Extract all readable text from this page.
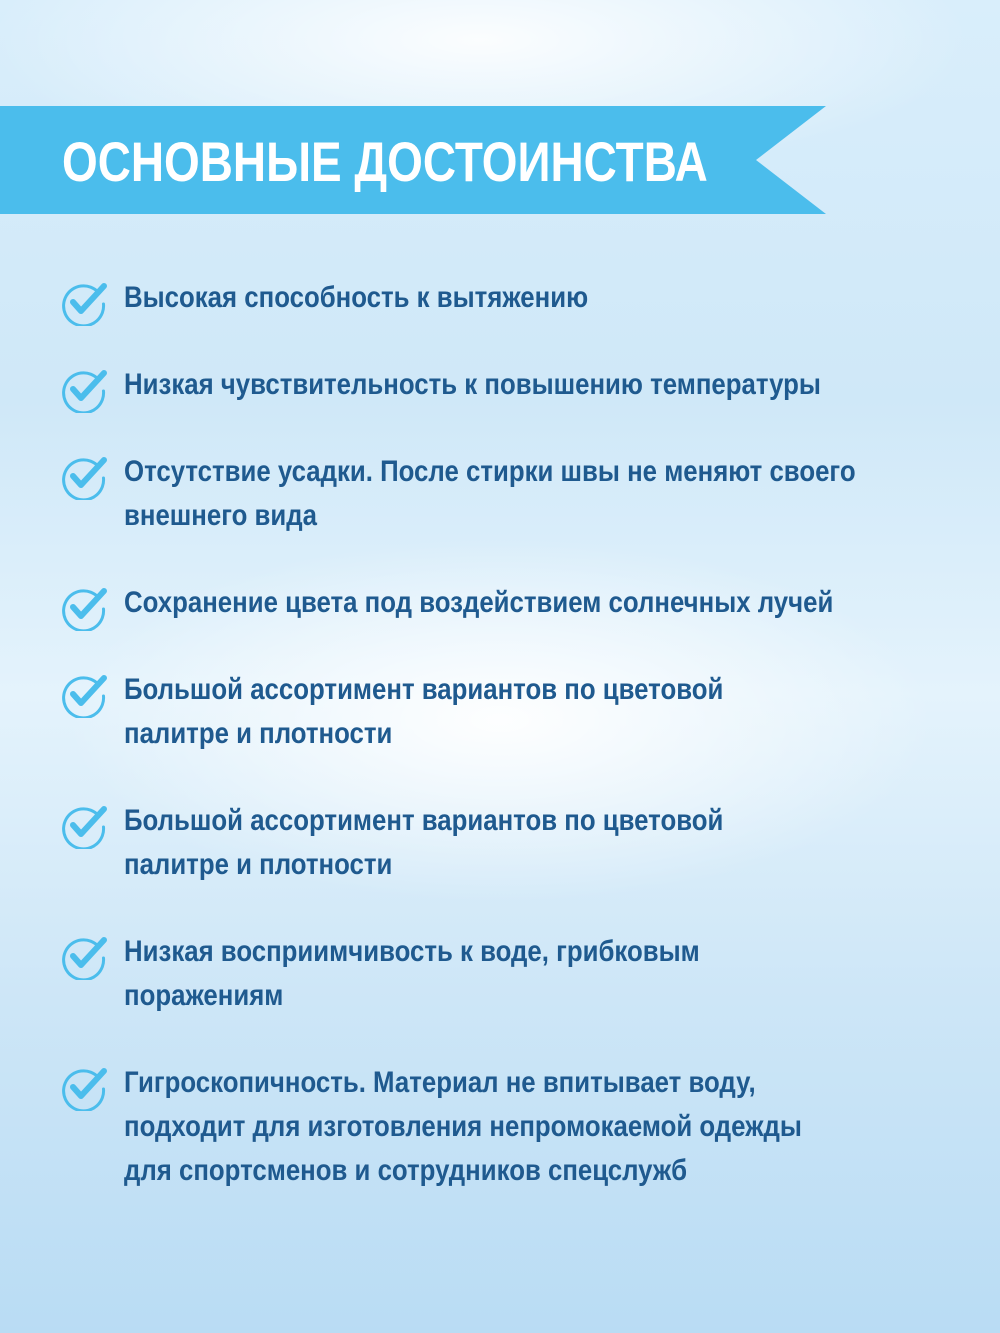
ОСНОВНЫЕ ДОСТОИНСТВА
Высокая способность к вытяжению
Низкая чувствительность к повышению температуры
Отсутствие усадки. После стирки швы не меняют своего
внешнего вида
Сохранение цвета под воздействием солнечных лучей
Большой ассортимент вариантов по цветовой
палитре и плотности
Большой ассортимент вариантов по цветовой
палитре и плотности
Низкая восприимчивость к воде, грибковым
поражениям
Гигроскопичность. Материал не впитывает воду,
подходит для изготовления непромокаемой одежды
для спортсменов и сотрудников спецслужб
